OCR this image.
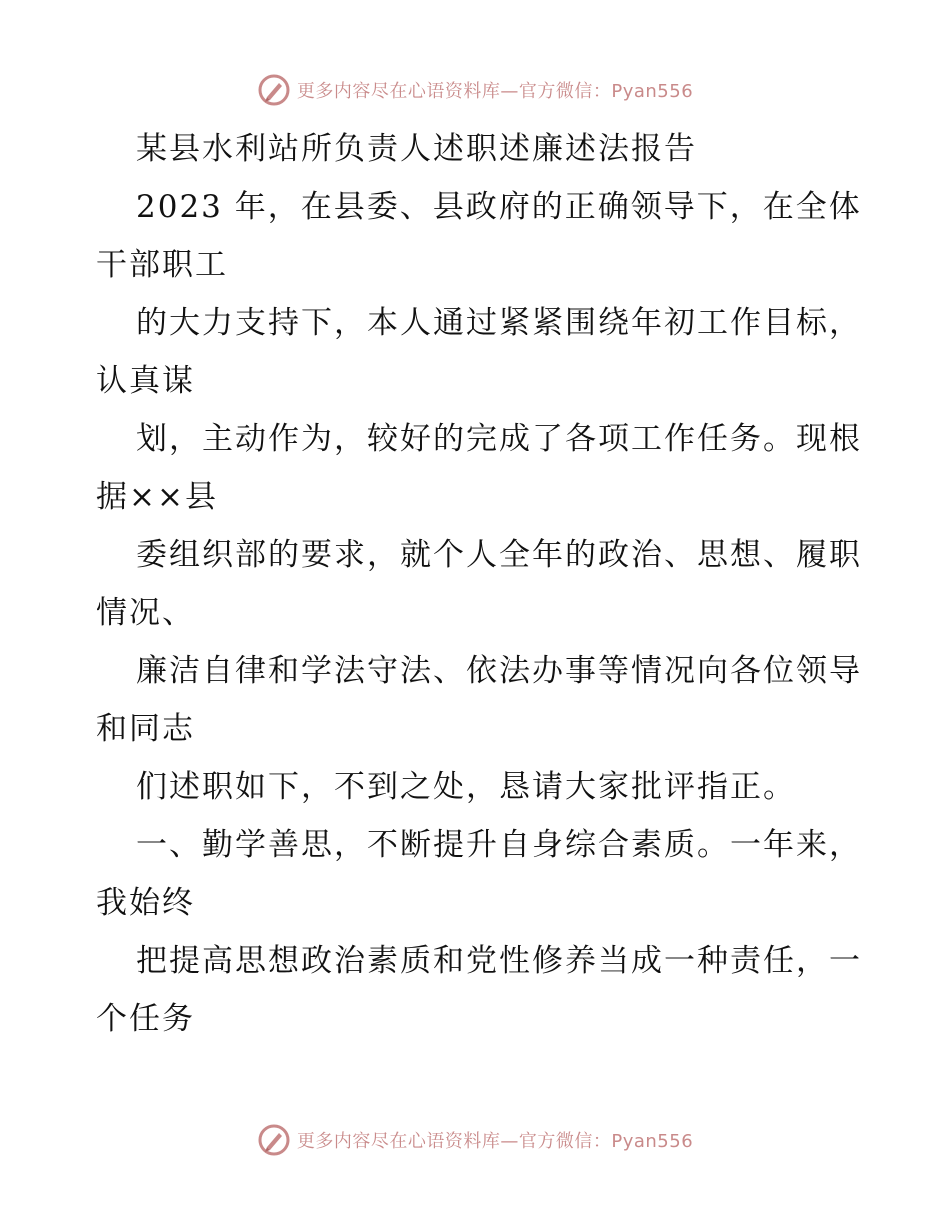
更多内容尽在心语资料库—官方微信：Pyan556

某县水利站所负责人述职述廉述法报告

2023 年，在县委、县政府的正确领导下，在全体干部职工

的大力支持下，本人通过紧紧围绕年初工作目标，认真谋

划，主动作为，较好的完成了各项工作任务。现根据××县

委组织部的要求，就个人全年的政治、思想、履职情况、

廉洁自律和学法守法、依法办事等情况向各位领导和同志

们述职如下，不到之处，恳请大家批评指正。

一、勤学善思，不断提升自身综合素质。一年来，我始终

把提高思想政治素质和党性修养当成一种责任，一个任务

更多内容尽在心语资料库—官方微信：Pyan556
